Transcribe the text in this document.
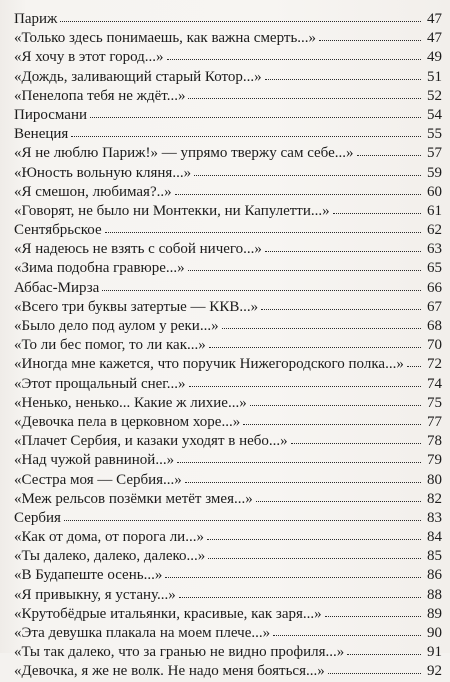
Париж	47
«Только здесь понимаешь, как важна смерть...»	47
«Я хочу в этот город...»	49
«Дождь, заливающий старый Котор...»	51
«Пенелопа тебя не ждёт...»	52
Пиросмани	54
Венеция	55
«Я не люблю Париж!» — упрямо твержу сам себе...»	57
«Юность вольную кляня...»	59
«Я смешон, любимая?..»	60
«Говорят, не было ни Монтекки, ни Капулетти...»	61
Сентябрьское	62
«Я надеюсь не взять с собой ничего...»	63
«Зима подобна гравюре...»	65
Аббас-Мирза	66
«Всего три буквы затертые — ККВ...»	67
«Было дело под аулом у реки...»	68
«То ли бес помог, то ли как...»	70
«Иногда мне кажется, что поручик Нижегородского полка...»	72
«Этот прощальный снег...»	74
«Ненько, ненько... Какие ж лихие...»	75
«Девочка пела в церковном хоре...»	77
«Плачет Сербия, и казаки уходят в небо...»	78
«Над чужой равниной...»	79
«Сестра моя — Сербия...»	80
«Меж рельсов позёмки метёт змея...»	82
Сербия	83
«Как от дома, от порога ли...»	84
«Ты далеко, далеко, далеко...»	85
«В Будапеште осень...»	86
«Я привыкну, я устану...»	88
«Крутобёдрые итальянки, красивые, как заря...»	89
«Эта девушка плакала на моем плече...»	90
«Ты так далеко, что за гранью не видно профиля...»	91
«Девочка, я же не волк. Не надо меня бояться...»	92
